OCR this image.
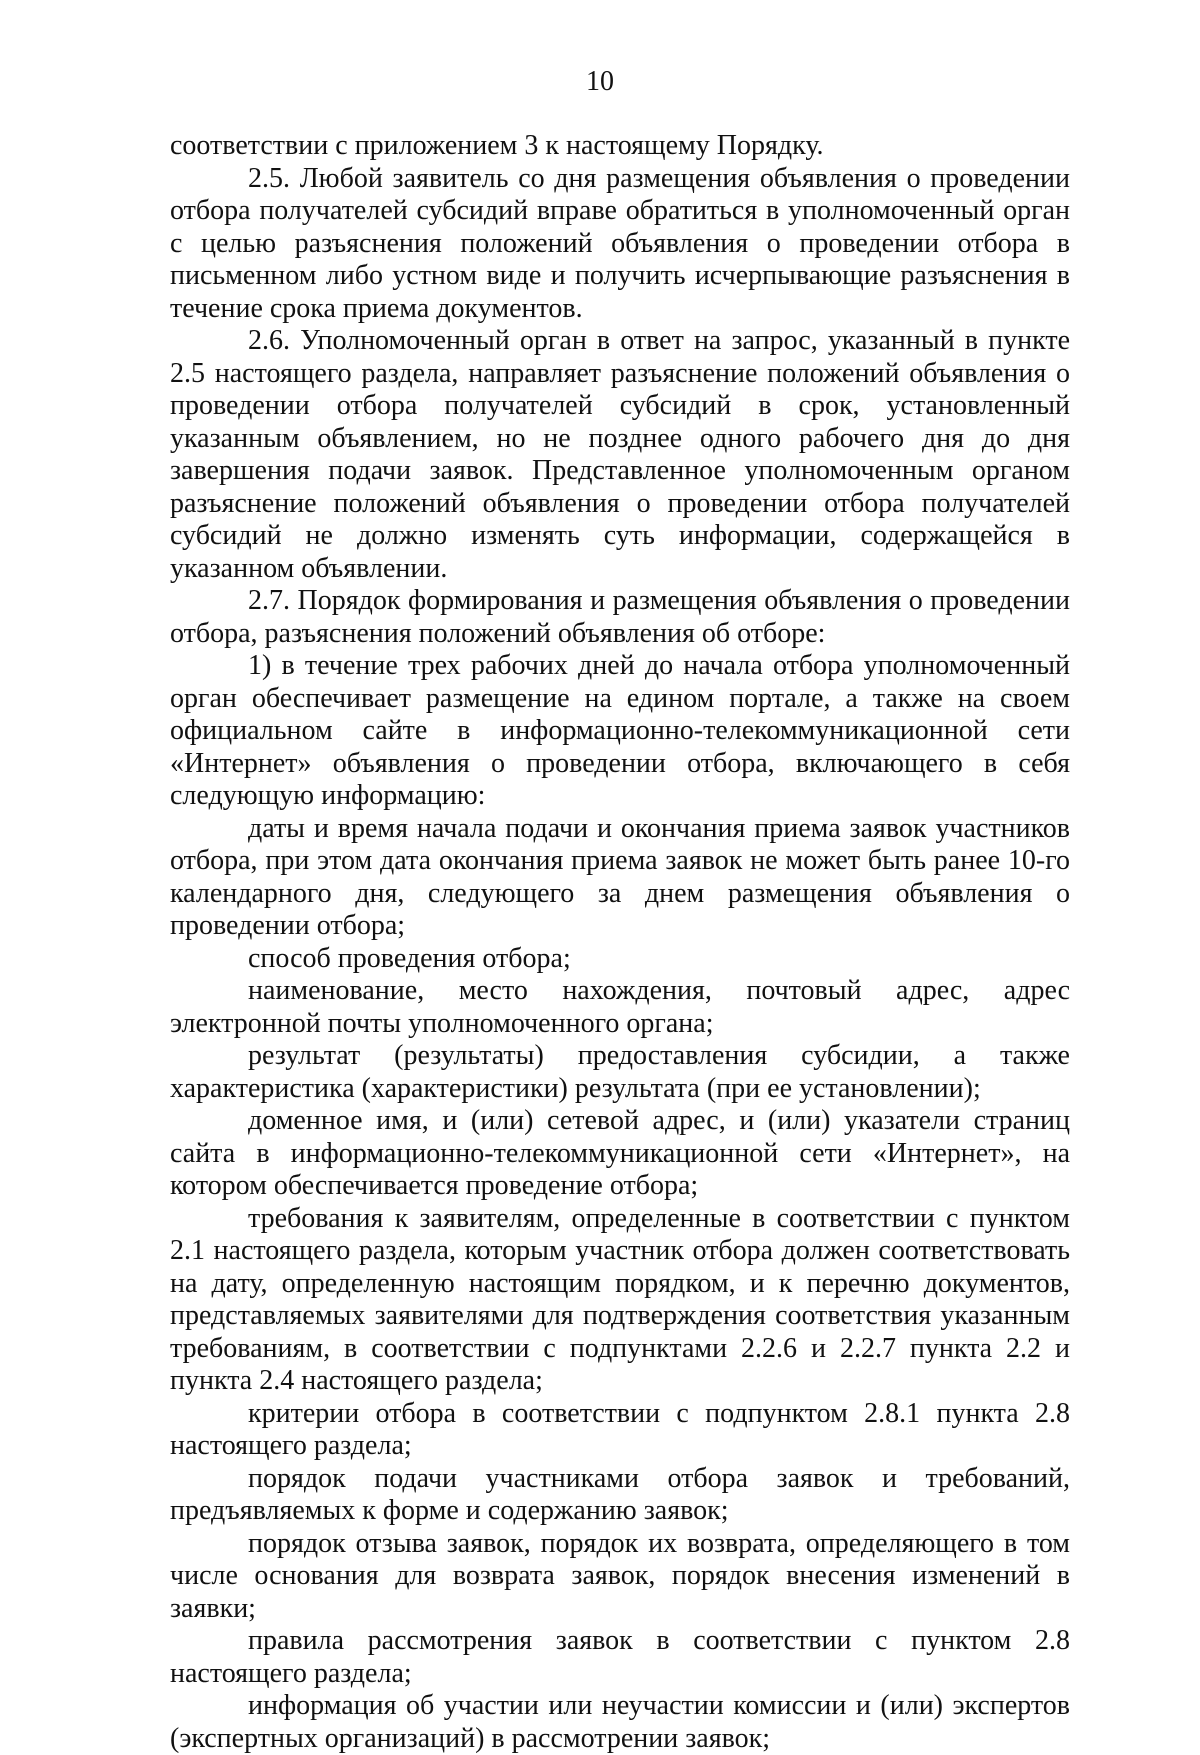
10

соответствии с приложением 3 к настоящему Порядку.

2.5. Любой заявитель со дня размещения объявления о проведении отбора получателей субсидий вправе обратиться в уполномоченный орган с целью разъяснения положений объявления о проведении отбора в письменном либо устном виде и получить исчерпывающие разъяснения в течение срока приема документов.

2.6. Уполномоченный орган в ответ на запрос, указанный в пункте 2.5 настоящего раздела, направляет разъяснение положений объявления о проведении отбора получателей субсидий в срок, установленный указанным объявлением, но не позднее одного рабочего дня до дня завершения подачи заявок. Представленное уполномоченным органом разъяснение положений объявления о проведении отбора получателей субсидий не должно изменять суть информации, содержащейся в указанном объявлении.

2.7. Порядок формирования и размещения объявления о проведении отбора, разъяснения положений объявления об отборе:

1) в течение трех рабочих дней до начала отбора уполномоченный орган обеспечивает размещение на едином портале, а также на своем официальном сайте в информационно-телекоммуникационной сети «Интернет» объявления о проведении отбора, включающего в себя следующую информацию:

даты и время начала подачи и окончания приема заявок участников отбора, при этом дата окончания приема заявок не может быть ранее 10-го календарного дня, следующего за днем размещения объявления о проведении отбора;

способ проведения отбора;

наименование, место нахождения, почтовый адрес, адрес электронной почты уполномоченного органа;

результат (результаты) предоставления субсидии, а также характеристика (характеристики) результата (при ее установлении);

доменное имя, и (или) сетевой адрес, и (или) указатели страниц сайта в информационно-телекоммуникационной сети «Интернет», на котором обеспечивается проведение отбора;

требования к заявителям, определенные в соответствии с пунктом 2.1 настоящего раздела, которым участник отбора должен соответствовать на дату, определенную настоящим порядком, и к перечню документов, представляемых заявителями для подтверждения соответствия указанным требованиям, в соответствии с подпунктами 2.2.6 и 2.2.7 пункта 2.2 и пункта 2.4 настоящего раздела;

критерии отбора в соответствии с подпунктом 2.8.1 пункта 2.8 настоящего раздела;

порядок подачи участниками отбора заявок и требований, предъявляемых к форме и содержанию заявок;

порядок отзыва заявок, порядок их возврата, определяющего в том числе основания для возврата заявок, порядок внесения изменений в заявки;

правила рассмотрения заявок в соответствии с пунктом 2.8 настоящего раздела;

информация об участии или неучастии комиссии и (или) экспертов (экспертных организаций) в рассмотрении заявок;
